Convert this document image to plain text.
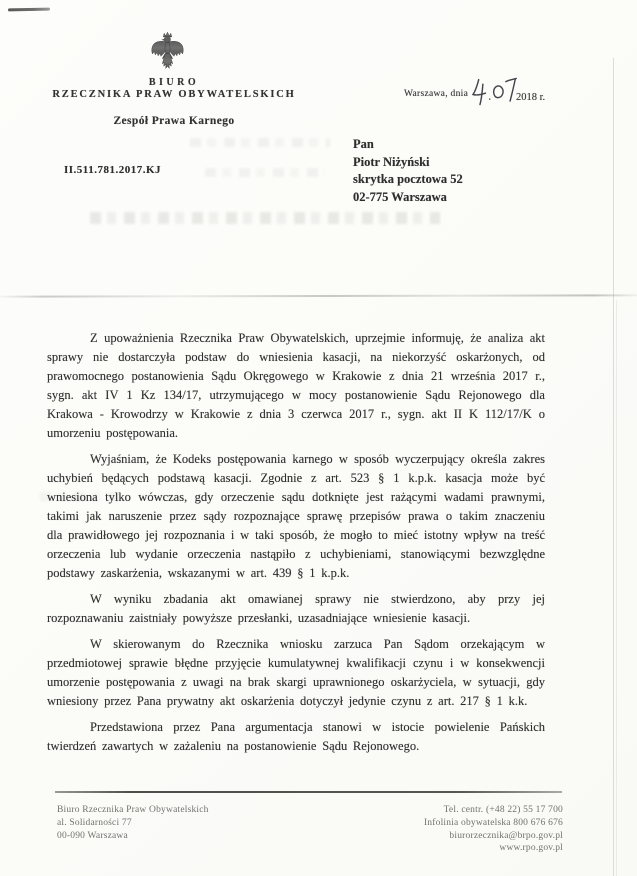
BIURO
RZECZNIKA PRAW OBYWATELSKICH
Zespół Prawa Karnego
Warszawa, dnia	2018 r.
Pan
Piotr Niżyński
skrytka pocztowa 52
02-775 Warszawa
II.511.781.2017.KJ

Z upoważnienia Rzecznika Praw Obywatelskich, uprzejmie informuję, że analiza akt sprawy nie dostarczyła podstaw do wniesienia kasacji, na niekorzyść oskarżonych, od prawomocnego postanowienia Sądu Okręgowego w Krakowie z dnia 21 września 2017 r., sygn. akt IV 1 Kz 134/17, utrzymującego w mocy postanowienie Sądu Rejonowego dla Krakowa - Krowodrzy w Krakowie z dnia 3 czerwca 2017 r., sygn. akt II K 112/17/K o umorzeniu postępowania.

Wyjaśniam, że Kodeks postępowania karnego w sposób wyczerpujący określa zakres uchybień będących podstawą kasacji. Zgodnie z art. 523 § 1 k.p.k. kasacja może być wniesiona tylko wówczas, gdy orzeczenie sądu dotknięte jest rażącymi wadami prawnymi, takimi jak naruszenie przez sądy rozpoznające sprawę przepisów prawa o takim znaczeniu dla prawidłowego jej rozpoznania i w taki sposób, że mogło to mieć istotny wpływ na treść orzeczenia lub wydanie orzeczenia nastąpiło z uchybieniami, stanowiącymi bezwzględne podstawy zaskarżenia, wskazanymi w art. 439 § 1 k.p.k.

W wyniku zbadania akt omawianej sprawy nie stwierdzono, aby przy jej rozpoznawaniu zaistniały powyższe przesłanki, uzasadniające wniesienie kasacji.

W skierowanym do Rzecznika wniosku zarzuca Pan Sądom orzekającym w przedmiotowej sprawie błędne przyjęcie kumulatywnej kwalifikacji czynu i w konsekwencji umorzenie postępowania z uwagi na brak skargi uprawnionego oskarżyciela, w sytuacji, gdy wniesiony przez Pana prywatny akt oskarżenia dotyczył jedynie czynu z art. 217 § 1 k.k.

Przedstawiona przez Pana argumentacja stanowi w istocie powielenie Pańskich twierdzeń zawartych w zażaleniu na postanowienie Sądu Rejonowego.

Biuro Rzecznika Praw Obywatelskich
al. Solidarności 77
00-090 Warszawa
Tel. centr. (+48 22) 55 17 700
Infolinia obywatelska 800 676 676
biurorzecznika@brpo.gov.pl
www.rpo.gov.pl
